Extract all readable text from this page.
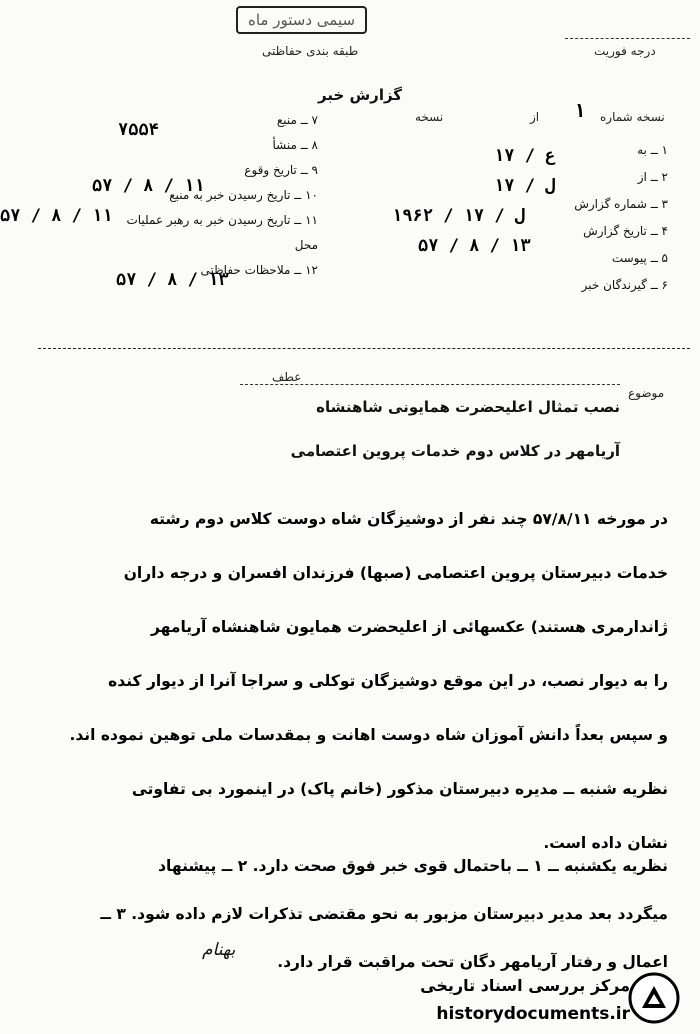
سیمی دستور ماه
طبقه بندی حفاظتی	درجه فوریت
گزارش خبر
نسخه شماره
۱
از
نسخه
۱ ــ به
۲ ــ از
۳ ــ شماره گزارش
۴ ــ تاریخ گزارش
۵ ــ پیوست
۶ ــ گیرندگان خبر
۱۷ / ع
۱۷ / ل
ل / ۱۷ / ۱۹۶۲
۵۷ / ۸ / ۱۳
۷ ــ منبع
۸ ــ منشأ
۹ ــ تاریخ وقوع
۱۰ ــ تاریخ رسیدن خبر به منبع
۱۱ ــ تاریخ رسیدن خبر به رهبر عملیات
محل
۱۲ ــ ملاحظات حفاظتی
۷۵۵۴
۵۷ / ۸ / ۱۱
۵۷ / ۸ / ۱۱
۵۷ / ۸ / ۱۳
موضوع
عطف
نصب تمثال اعلیحضرت همایونی شاهنشاه
آریامهر در کلاس دوم خدمات پروین اعتصامی
در مورخه ۵۷/۸/۱۱ چند نفر از دوشیزگان شاه دوست کلاس دوم رشته
خدمات دبیرستان پروین اعتصامی (صبها) فرزندان افسران و درجه داران
ژاندارمری هستند) عکسهائی از اعلیحضرت همایون شاهنشاه آریامهر
را به دیوار نصب، در این موقع دوشیزگان توکلی و سراجا آنرا از دیوار کنده
و سپس بعداً دانش آموزان شاه دوست اهانت و بمقدسات ملی توهین نموده اند.
نظریه شنبه ــ مدیره دبیرستان مذکور (خانم پاک) در اینمورد بی تفاوتی
نشان داده است.
نظریه یکشنبه ــ ۱ ــ باحتمال قوی خبر فوق صحت دارد. ۲ ــ پیشنهاد
میگردد بعد مدیر دبیرستان مزبور به نحو مقتضی تذکرات لازم داده شود. ۳ ــ
اعمال و رفتار آریامهر دگان تحت مراقبت قرار دارد.
بهنام
مرکز بررسی اسناد تاریخی
historydocuments.ir
